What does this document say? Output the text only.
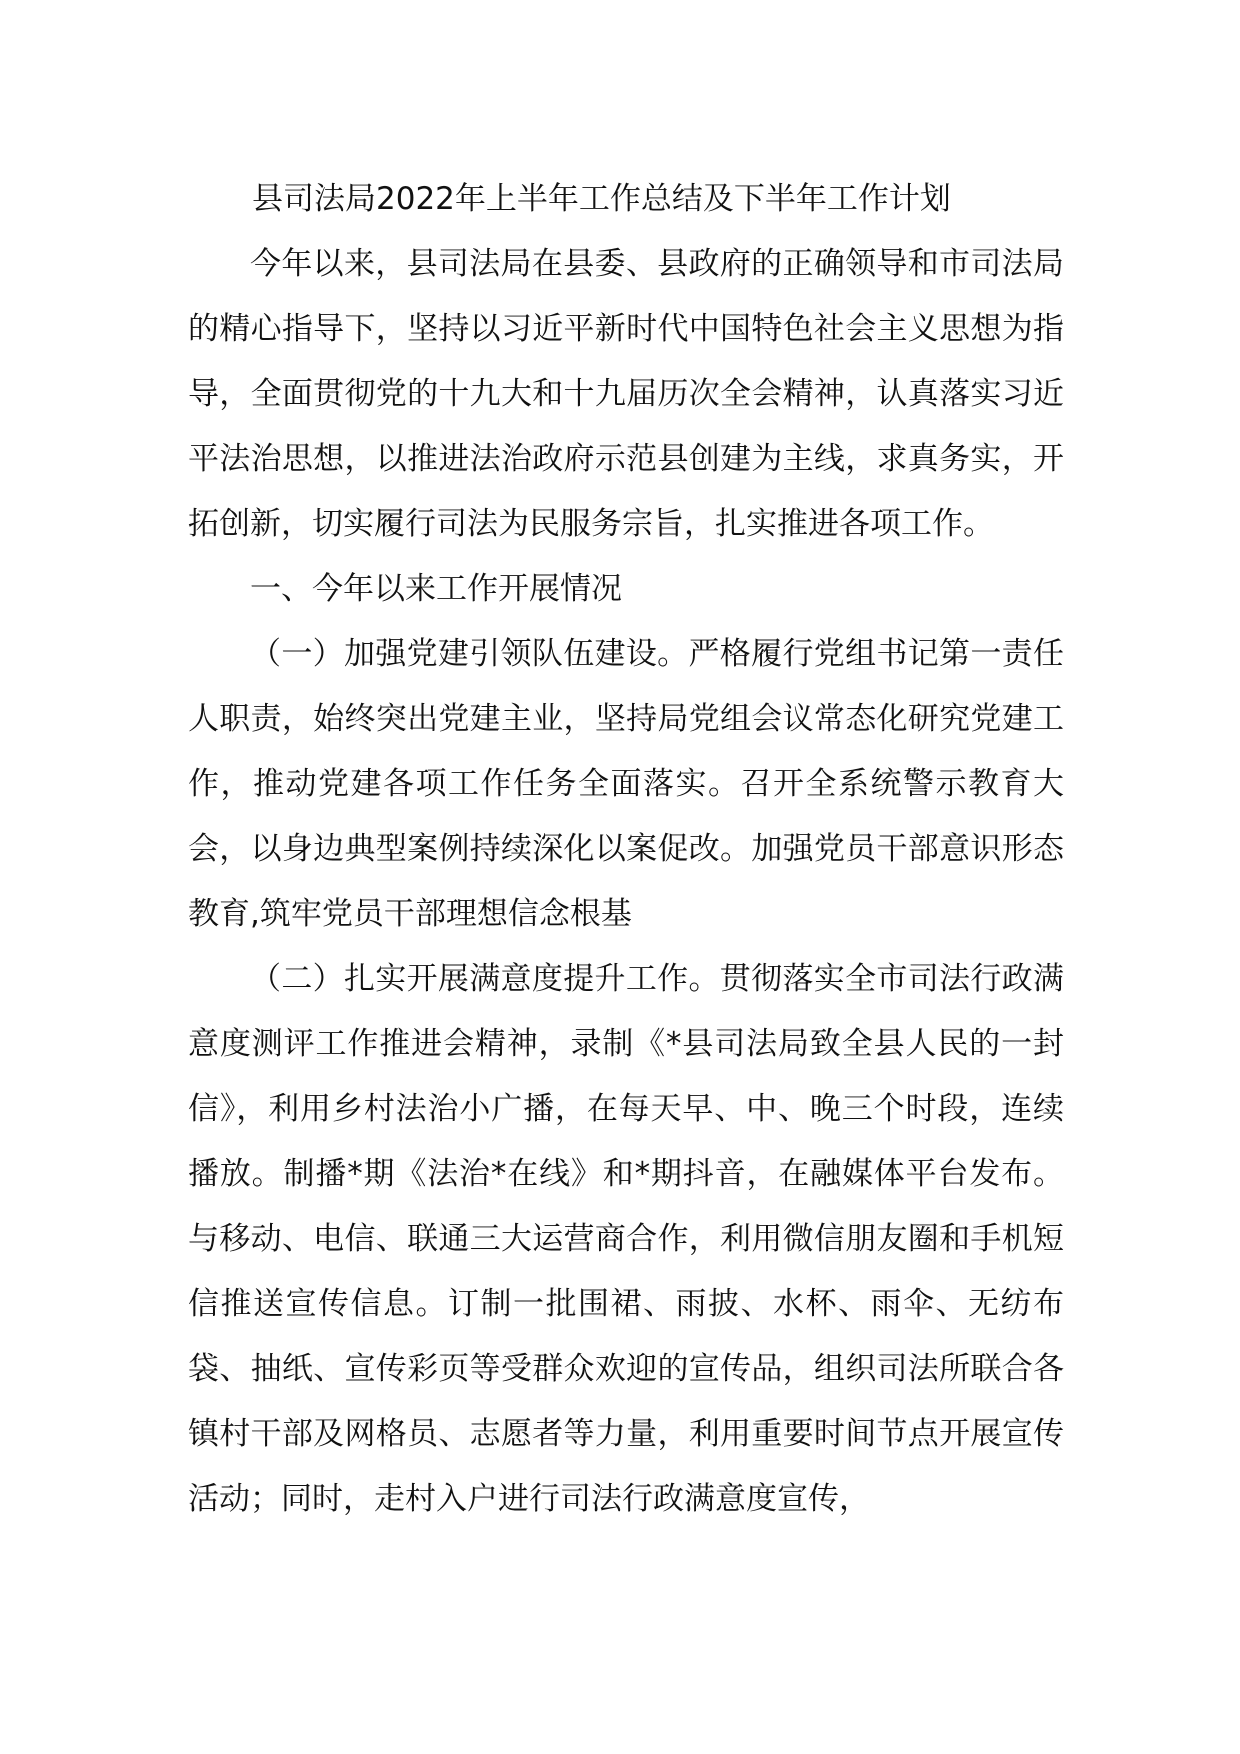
县司法局2022年上半年工作总结及下半年工作计划

今年以来，县司法局在县委、县政府的正确领导和市司法局的精心指导下，坚持以习近平新时代中国特色社会主义思想为指导，全面贯彻党的十九大和十九届历次全会精神，认真落实习近平法治思想，以推进法治政府示范县创建为主线，求真务实，开拓创新，切实履行司法为民服务宗旨，扎实推进各项工作。

一、今年以来工作开展情况

（一）加强党建引领队伍建设。严格履行党组书记第一责任人职责，始终突出党建主业，坚持局党组会议常态化研究党建工作，推动党建各项工作任务全面落实。召开全系统警示教育大会，以身边典型案例持续深化以案促改。加强党员干部意识形态教育,筑牢党员干部理想信念根基

（二）扎实开展满意度提升工作。贯彻落实全市司法行政满意度测评工作推进会精神，录制《*县司法局致全县人民的一封信》，利用乡村法治小广播，在每天早、中、晚三个时段，连续播放。制播*期《法治*在线》和*期抖音，在融媒体平台发布。与移动、电信、联通三大运营商合作，利用微信朋友圈和手机短信推送宣传信息。订制一批围裙、雨披、水杯、雨伞、无纺布袋、抽纸、宣传彩页等受群众欢迎的宣传品，组织司法所联合各镇村干部及网格员、志愿者等力量，利用重要时间节点开展宣传活动；同时，走村入户进行司法行政满意度宣传，
